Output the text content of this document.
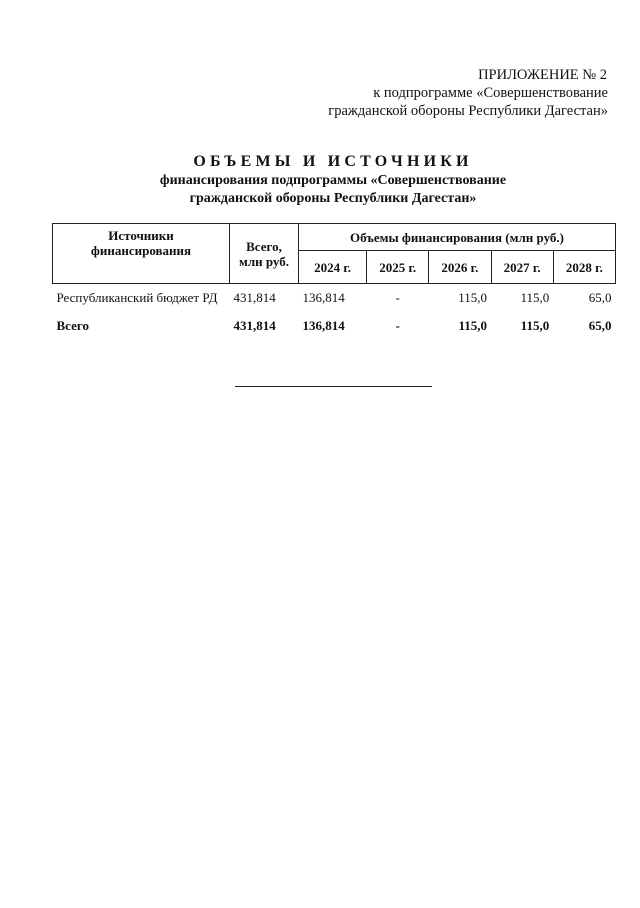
ПРИЛОЖЕНИЕ № 2
к подпрограмме «Совершенствование
гражданской обороны Республики Дагестан»
ОБЪЕМЫ И ИСТОЧНИКИ
финансирования подпрограммы «Совершенствование
гражданской обороны Республики Дагестан»
Источники финансирования	Всего, млн руб.	Объемы финансирования (млн руб.)				
		2024 г.	2025 г.	2026 г.	2027 г.	2028 г.
Республиканский бюджет РД	431,814	136,814	-	115,0	115,0	65,0
Всего	431,814	136,814	-	115,0	115,0	65,0
